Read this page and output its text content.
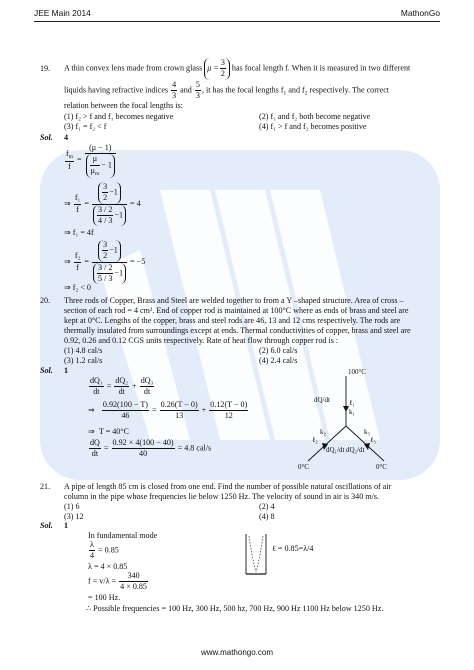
JEE Main 2014	MathonGo
19. A thin convex lens made from crown glass $\mu = \frac{3}{2}$ has focal length f. When it is measured in two different
liquids having refractive indices $\frac{4}{3}$ and $\frac{5}{3}$ , it has the focal lengths $f_1$ and $f_2$ respectively. The correct
relation between the focal lengths is:
(1) f₂ > f and f₁ becomes negative	(2) f₁ and f₂ both become negative
(3) f₁ = f₂ < f	(4) f₁ > f and f₂ becomes positive
Sol. 4
$\frac{f_m}{f} = \frac{(\mu - 1)}{\frac{\mu}{\mu_m} - 1}$
⇒ $\frac{\text{f₁}}{f} = \frac{\frac{3}{2} -1}{\frac{3 / 2}{4 / 3} -1} = 4$
⇒ f₁ = 4f
⇒ $\frac{\text{f₂}}{f} = \frac{\frac{3}{2} -1}{\frac{3 / 2}{5 / 3} -1} = -5$
⇒ f₂ < 0
20. Three rods of Copper, Brass and Steel are welded together to from a Y –shaped structure. Area of cross –
section of each rod = 4 cm². End of copper rod is maintained at 100°C where as ends of brass and steel are
kept at 0°C. Lengths of the copper, brass and steel rods are 46, 13 and 12 cms respectively. The rods are
thermally insulated from surroundings except at ends. Thermal conductivities of copper, brass and steel are
0.92, 0.26 and 0.12 CGS units respectively. Rate of heat flow through copper rod is :
(1) 4.8 cal/s	(2) 6.0 cal/s
(3) 1.2 cal/s	(4) 2.4 cal/s
Sol. 1
$\frac{\text{dQ₁}}{dt} = \frac{\text{dQ₂}}{dt} + \frac{\text{dQ₃}}{dt}$
⇒ $\frac{0.92(100 - T)}{46} = \frac{0.26(T - 0)}{13} + \frac{0.12(T - 0)}{12}$
⇒ T = 40°C
$\frac{dQ}{dt} = \frac{0.92 \times 4(100 - 40)}{40} = 4.8$ cal/s
100°C
dQ/dt	ℓ₁
k₁
k₂
ℓ₂
k₃
ℓ₃
dQ₁/dt dQ₂/dt
0°C	0°C
21. A pipe of length 85 cm is closed from one end. Find the number of possible natural oscillations of air
column in the pipe whose frequencies lie below 1250 Hz. The velocity of sound in air is 340 m/s.
(1) 6	(2) 4
(3) 12	(4) 8
Sol. 1
In fundamental mode
$\frac{\lambda}{4} = 0.85$
λ = 4 × 0.85
$f = v/\lambda = \frac{340}{4 \times 0.85}$
= 100 Hz.
ℓ = 0.85=λ/4
∴ Possible frequencies = 100 Hz, 300 Hz, 500 hz, 700 Hz, 900 Hz 1100 Hz below 1250 Hz.
www.mathongo.com
